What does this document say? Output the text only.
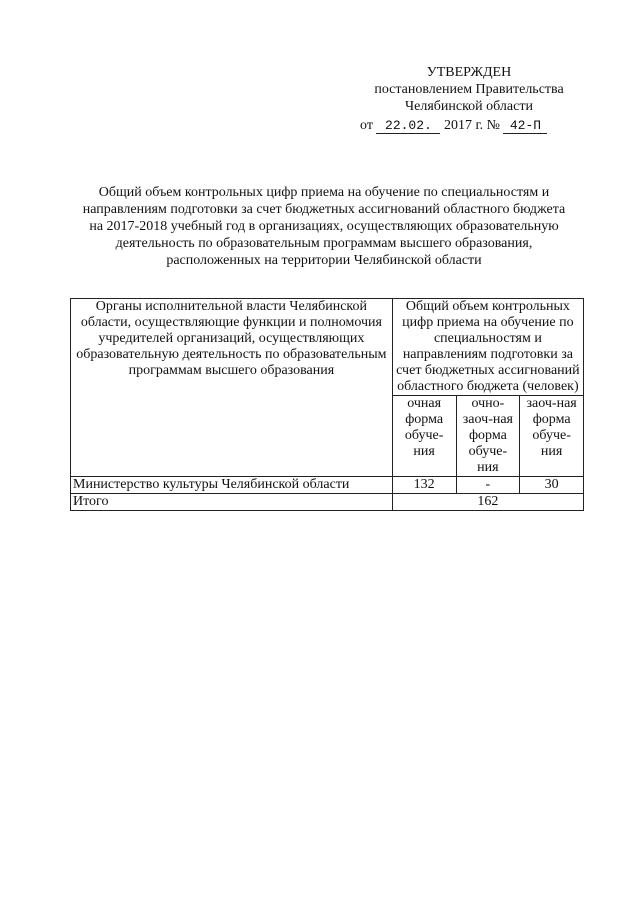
УТВЕРЖДЕН
постановлением Правительства
Челябинской области
от 22.02. 2017 г. № 42-П
Общий объем контрольных цифр приема на обучение по специальностям и направлениям подготовки за счет бюджетных ассигнований областного бюджета на 2017-2018 учебный год в организациях, осуществляющих образовательную деятельность по образовательным программам высшего образования, расположенных на территории Челябинской области
Органы исполнительной власти Челябинской области, осуществляющие функции и полномочия учредителей организаций, осуществляющих образовательную деятельность по образовательным программам высшего образования	Общий объем контрольных цифр приема на обучение по специальностям и направлениям подготовки за счет бюджетных ассигнований областного бюджета (человек)		
	очная форма обуче-ния	очно-заоч-ная форма обуче-ния	заоч-ная форма обуче-ния
Министерство культуры Челябинской области	132	-	30
Итого	162		
